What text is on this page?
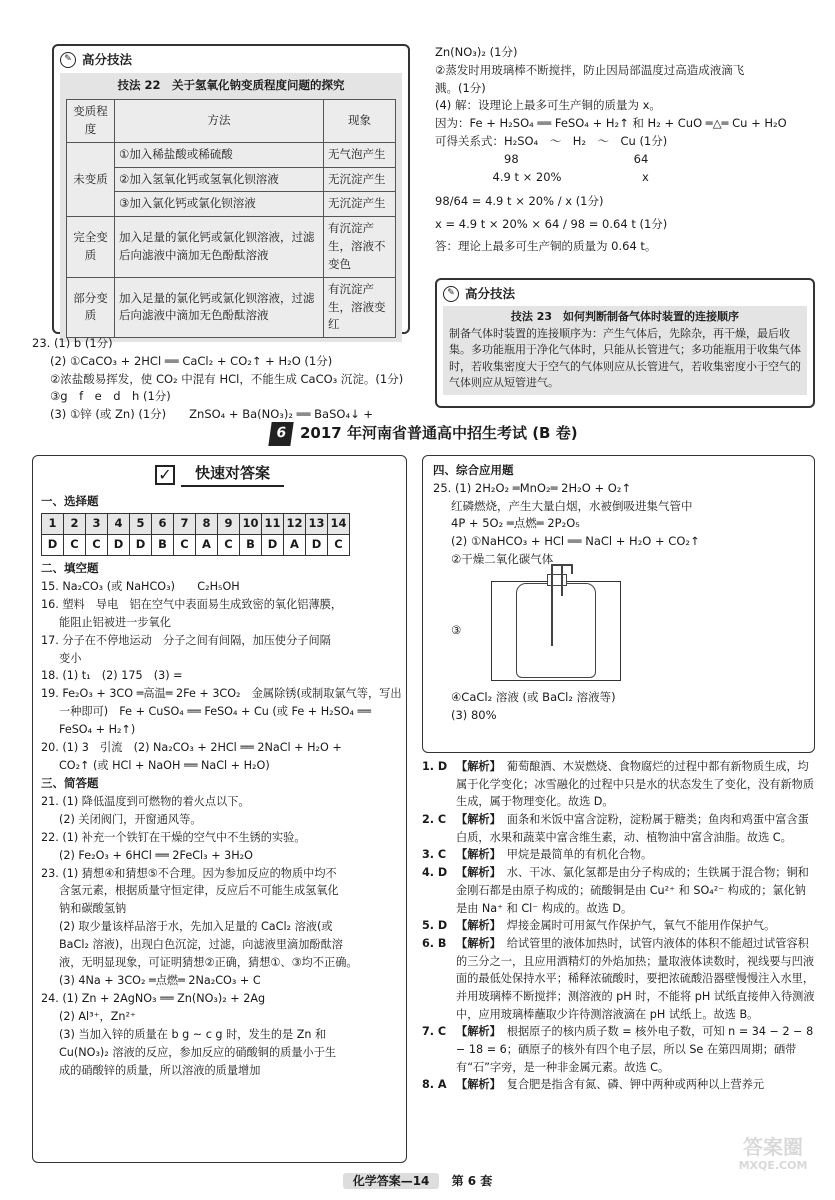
✎ 高分技法
技法 22　关于氢氧化钠变质程度问题的探究
变质程度	方法	现象
未变质	①加入稀盐酸或稀硫酸	无气泡产生
	②加入氢氧化钙或氢氧化钡溶液	无沉淀产生
	③加入氯化钙或氯化钡溶液	无沉淀产生
完全变质	加入足量的氯化钙或氯化钡溶液，过滤后向滤液中滴加无色酚酞溶液	有沉淀产生，溶液不变色
部分变质	加入足量的氯化钙或氯化钡溶液，过滤后向滤液中滴加无色酚酞溶液	有沉淀产生，溶液变红
23. (1) b (1分)
(2) ①CaCO₃ + 2HCl ══ CaCl₂ + CO₂↑ + H₂O (1分)
②浓盐酸易挥发，使 CO₂ 中混有 HCl，不能生成 CaCO₃ 沉淀。(1分)
③g　f　e　d　h (1分)
(3) ①锌 (或 Zn) (1分)　　ZnSO₄ + Ba(NO₃)₂ ══ BaSO₄↓ +
Zn(NO₃)₂ (1分)
②蒸发时用玻璃棒不断搅拌，防止因局部温度过高造成液滴飞
溅。(1分)
(4) 解：设理论上最多可生产铜的质量为 x。
因为：Fe + H₂SO₄ ══ FeSO₄ + H₂↑ 和 H₂ + CuO ═△═ Cu + H₂O
可得关系式：H₂SO₄　～　H₂　～　Cu (1分)
　　　　　　98　　　　　　　　　　64
　　　　　4.9 t × 20%　　　　　　　x
98/64 = 4.9 t × 20% / x (1分)
x = 4.9 t × 20% × 64 / 98 = 0.64 t (1分)
答：理论上最多可生产铜的质量为 0.64 t。
✎ 高分技法
技法 23　如何判断制备气体时装置的连接顺序
制备气体时装置的连接顺序为：产生气体后，先除杂，再干燥，最后收集。多功能瓶用于净化气体时，只能从长管进气；多功能瓶用于收集气体时，若收集密度大于空气的气体则应从长管进气，若收集密度小于空气的气体则应从短管进气。
6 2017 年河南省普通高中招生考试 (B 卷)
✓	快速对答案
一、选择题
1	2	3	4	5	6	7	8	9	10	11	12	13	14
D	C	C	D	D	B	C	A	C	B	D	A	D	C
二、填空题
15. Na₂CO₃ (或 NaHCO₃)　　C₂H₅OH
16. 塑料　导电　铝在空气中表面易生成致密的氧化铝薄膜，
能阻止铝被进一步氧化
17. 分子在不停地运动　分子之间有间隔，加压使分子间隔
变小
18. (1) t₁　(2) 175　(3) =
19. Fe₂O₃ + 3CO ═高温═ 2Fe + 3CO₂　金属除锈(或制取氯气等，写出
一种即可)　Fe + CuSO₄ ══ FeSO₄ + Cu (或 Fe + H₂SO₄ ══
FeSO₄ + H₂↑)
20. (1) 3　引流　(2) Na₂CO₃ + 2HCl ══ 2NaCl + H₂O +
CO₂↑ (或 HCl + NaOH ══ NaCl + H₂O)
三、简答题
21. (1) 降低温度到可燃物的着火点以下。
(2) 关闭阀门，开窗通风等。
22. (1) 补充一个铁钉在干燥的空气中不生锈的实验。
(2) Fe₂O₃ + 6HCl ══ 2FeCl₃ + 3H₂O
23. (1) 猜想④和猜想⑤不合理。因为参加反应的物质中均不
含氢元素，根据质量守恒定律，反应后不可能生成氢氧化
钠和碳酸氢钠
(2) 取少量该样品溶于水，先加入足量的 CaCl₂ 溶液(或
BaCl₂ 溶液)，出现白色沉淀，过滤，向滤液里滴加酚酞溶
液，无明显现象，可证明猜想②正确，猜想①、③均不正确。
(3) 4Na + 3CO₂ ═点燃═ 2Na₂CO₃ + C
24. (1) Zn + 2AgNO₃ ══ Zn(NO₃)₂ + 2Ag
(2) Al³⁺，Zn²⁺
(3) 当加入锌的质量在 b g ~ c g 时，发生的是 Zn 和
Cu(NO₃)₂ 溶液的反应，参加反应的硝酸铜的质量小于生
成的硝酸锌的质量，所以溶液的质量增加
四、综合应用题
25. (1) 2H₂O₂ ═MnO₂═ 2H₂O + O₂↑
红磷燃烧，产生大量白烟，水被倒吸进集气管中
4P + 5O₂ ═点燃═ 2P₂O₅
(2) ①NaHCO₃ + HCl ══ NaCl + H₂O + CO₂↑
②干燥二氧化碳气体
③
④CaCl₂ 溶液 (或 BaCl₂ 溶液等)
(3) 80%
1. D 【解析】 葡萄酿酒、木炭燃烧、食物腐烂的过程中都有新物质生成，均属于化学变化；冰雪融化的过程中只是水的状态发生了变化，没有新物质生成，属于物理变化。故选 D。
2. C 【解析】 面条和米饭中富含淀粉，淀粉属于糖类；鱼肉和鸡蛋中富含蛋白质，水果和蔬菜中富含维生素，动、植物油中富含油脂。故选 C。
3. C 【解析】 甲烷是最简单的有机化合物。
4. D 【解析】 水、干冰、氯化氢都是由分子构成的；生铁属于混合物；铜和金刚石都是由原子构成的；硫酸铜是由 Cu²⁺ 和 SO₄²⁻ 构成的；氯化钠是由 Na⁺ 和 Cl⁻ 构成的。故选 D。
5. D 【解析】 焊接金属时可用氮气作保护气，氧气不能用作保护气。
6. B 【解析】 给试管里的液体加热时，试管内液体的体积不能超过试管容积的三分之一，且应用酒精灯的外焰加热；量取液体读数时，视线要与凹液面的最低处保持水平；稀释浓硫酸时，要把浓硫酸沿器壁慢慢注入水里，并用玻璃棒不断搅拌；测溶液的 pH 时，不能将 pH 试纸直接伸入待测液中，应用玻璃棒蘸取少许待测溶液滴在 pH 试纸上。故选 B。
7. C 【解析】 根据原子的核内质子数 = 核外电子数，可知 n = 34 − 2 − 8 − 18 = 6；硒原子的核外有四个电子层，所以 Se 在第四周期；硒带有“石”字旁，是一种非金属元素。故选 C。
8. A 【解析】 复合肥是指含有氮、磷、钾中两种或两种以上营养元
化学答案—14 第 6 套
答案圈
MXQE.COM
